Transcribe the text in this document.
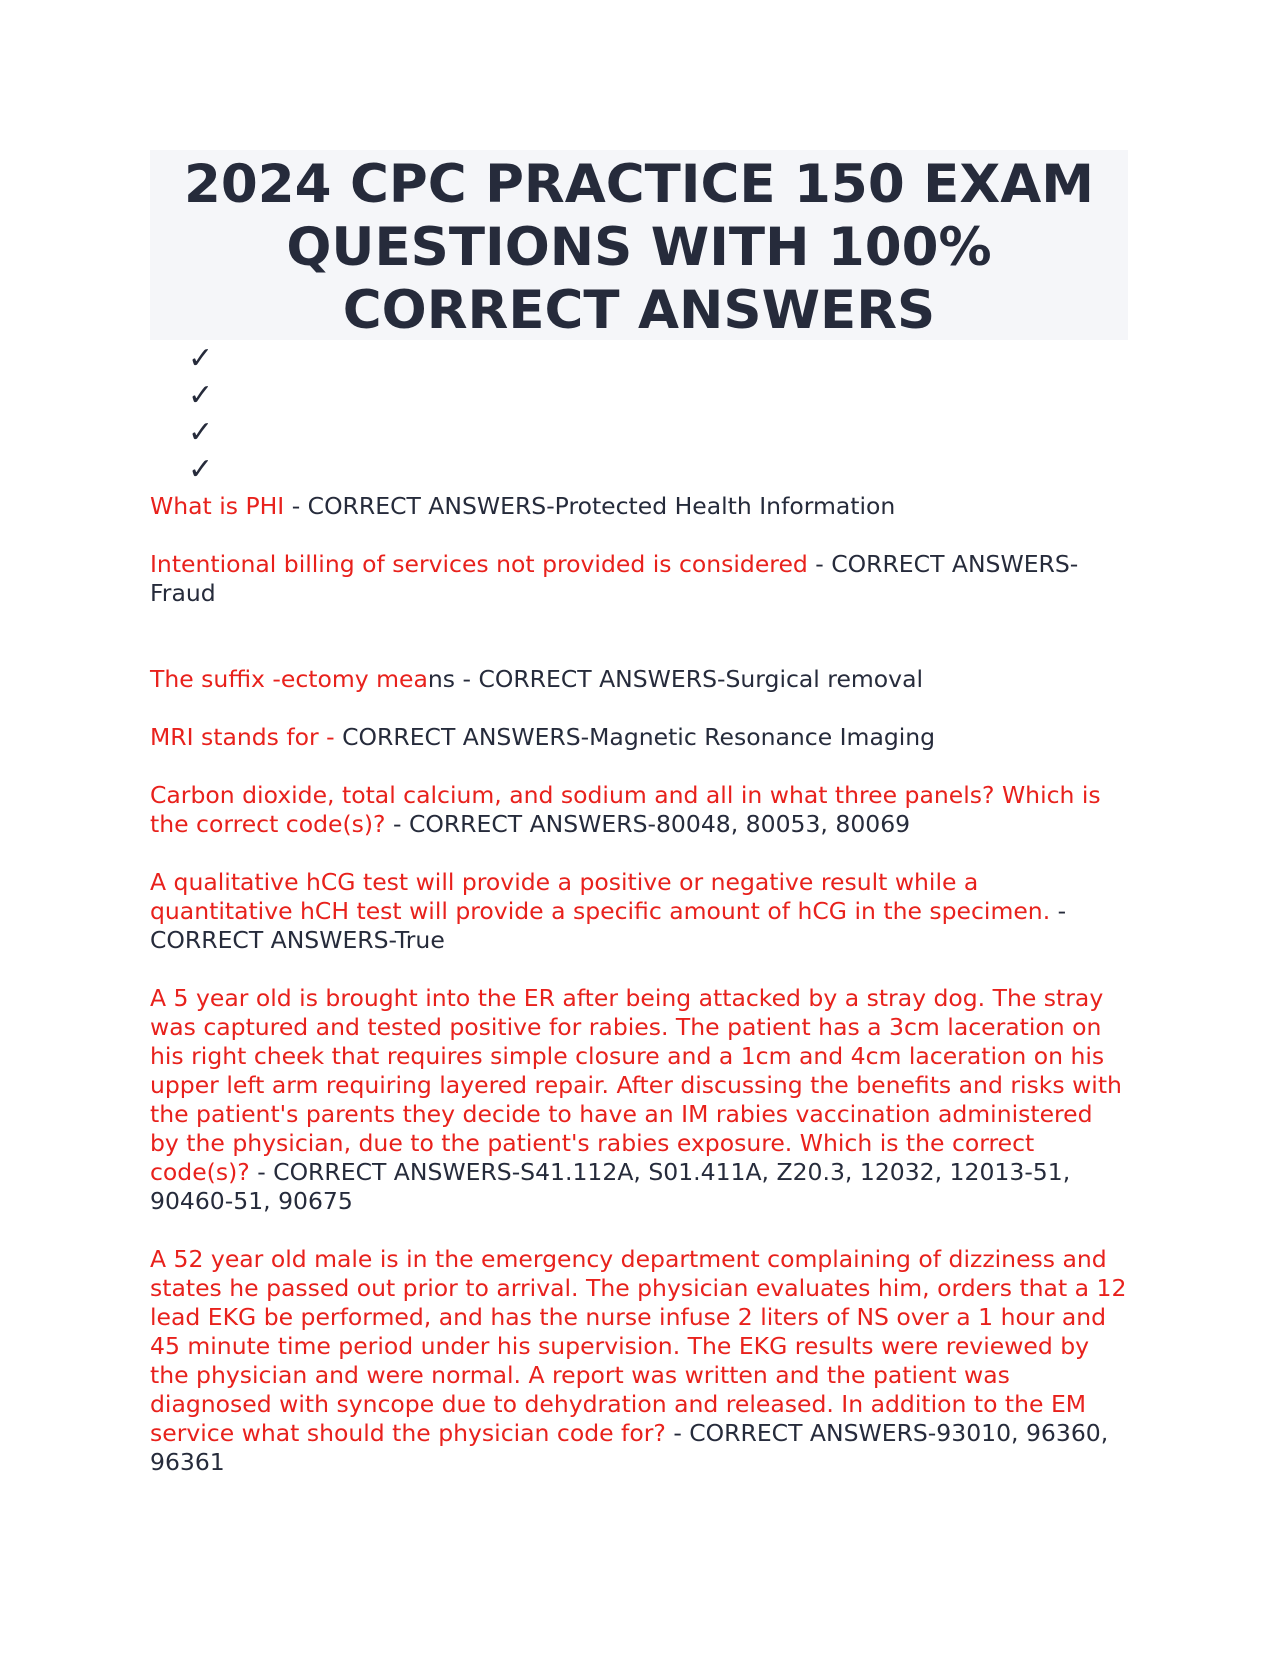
2024 CPC PRACTICE 150 EXAM QUESTIONS WITH 100% CORRECT ANSWERS
✓
✓
✓
✓

What is PHI - CORRECT ANSWERS-Protected Health Information

Intentional billing of services not provided is considered - CORRECT ANSWERS-Fraud

The suffix -ectomy means - CORRECT ANSWERS-Surgical removal

MRI stands for - CORRECT ANSWERS-Magnetic Resonance Imaging

Carbon dioxide, total calcium, and sodium and all in what three panels? Which is the correct code(s)? - CORRECT ANSWERS-80048, 80053, 80069

A qualitative hCG test will provide a positive or negative result while a quantitative hCH test will provide a specific amount of hCG in the specimen. - CORRECT ANSWERS-True

A 5 year old is brought into the ER after being attacked by a stray dog. The stray was captured and tested positive for rabies. The patient has a 3cm laceration on his right cheek that requires simple closure and a 1cm and 4cm laceration on his upper left arm requiring layered repair. After discussing the benefits and risks with the patient's parents they decide to have an IM rabies vaccination administered by the physician, due to the patient's rabies exposure. Which is the correct code(s)? - CORRECT ANSWERS-S41.112A, S01.411A, Z20.3, 12032, 12013-51, 90460-51, 90675

A 52 year old male is in the emergency department complaining of dizziness and states he passed out prior to arrival. The physician evaluates him, orders that a 12 lead EKG be performed, and has the nurse infuse 2 liters of NS over a 1 hour and 45 minute time period under his supervision. The EKG results were reviewed by the physician and were normal. A report was written and the patient was diagnosed with syncope due to dehydration and released. In addition to the EM service what should the physician code for? - CORRECT ANSWERS-93010, 96360, 96361
